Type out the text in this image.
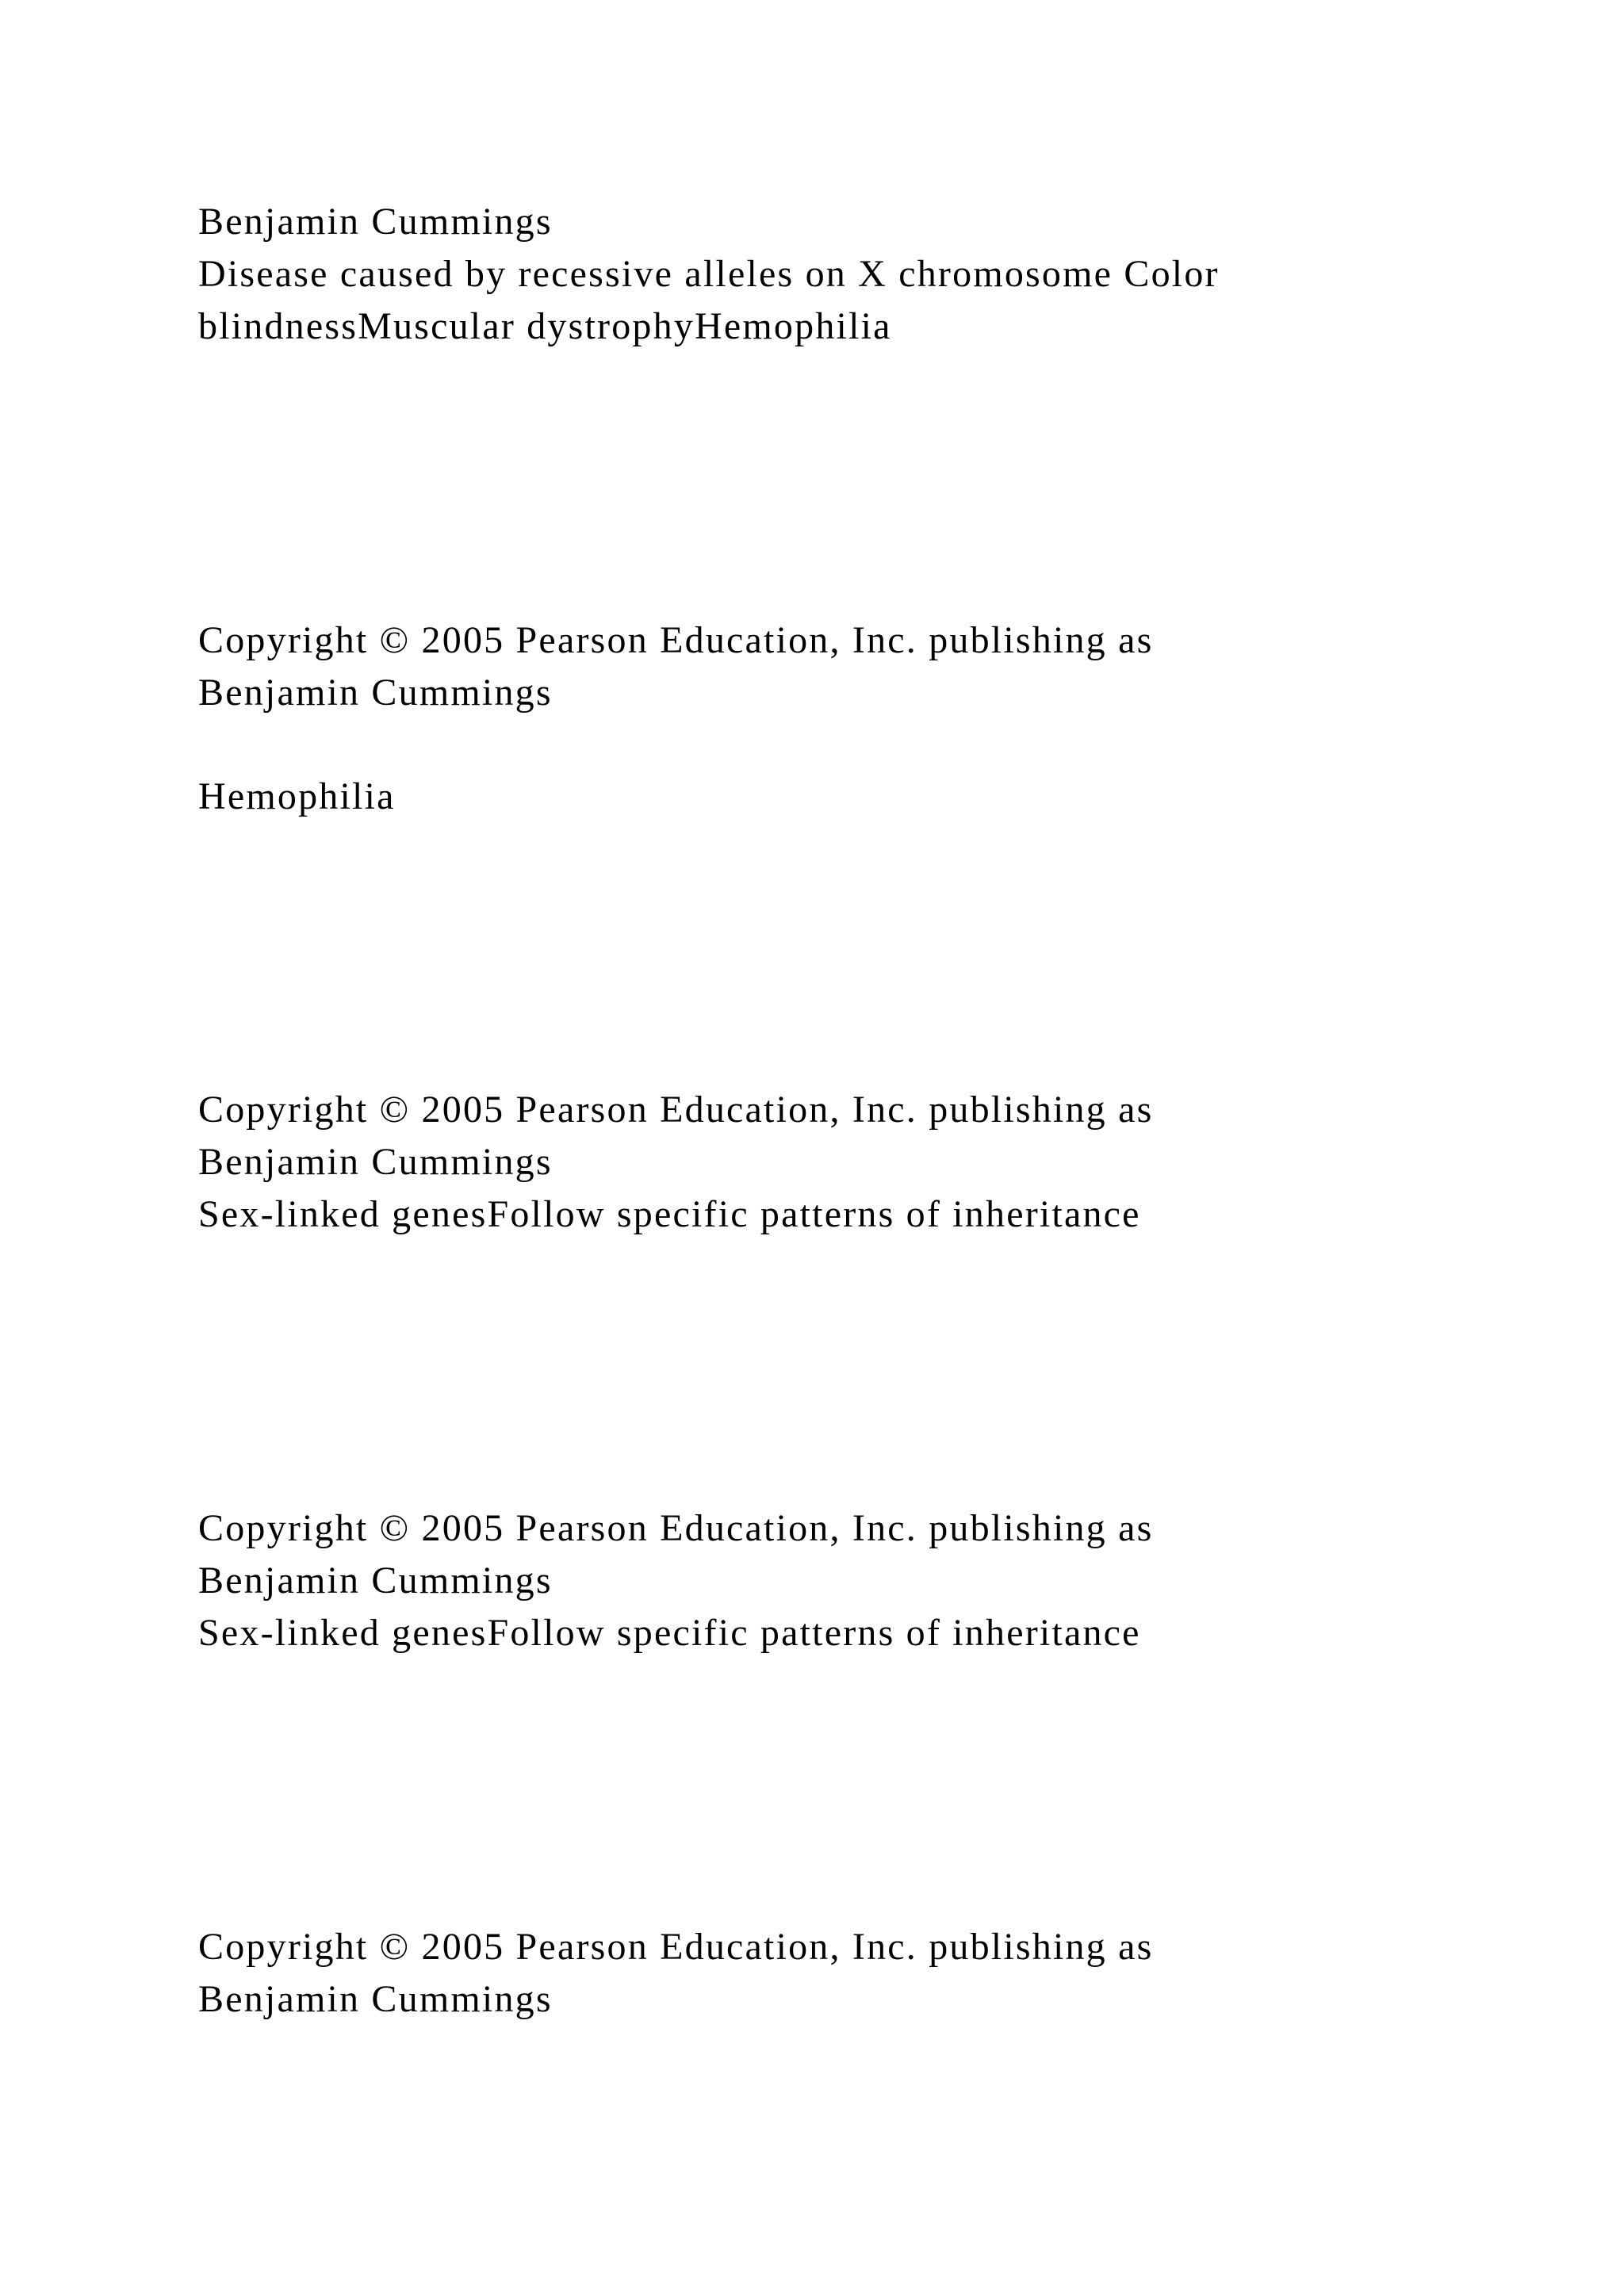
Benjamin Cummings

Disease caused by recessive alleles on X chromosome Color

blindnessMuscular dystrophyHemophilia

Copyright © 2005 Pearson Education, Inc. publishing as

Benjamin Cummings

Hemophilia

Copyright © 2005 Pearson Education, Inc. publishing as

Benjamin Cummings

Sex-linked genesFollow specific patterns of inheritance

Copyright © 2005 Pearson Education, Inc. publishing as

Benjamin Cummings

Sex-linked genesFollow specific patterns of inheritance

Copyright © 2005 Pearson Education, Inc. publishing as

Benjamin Cummings
